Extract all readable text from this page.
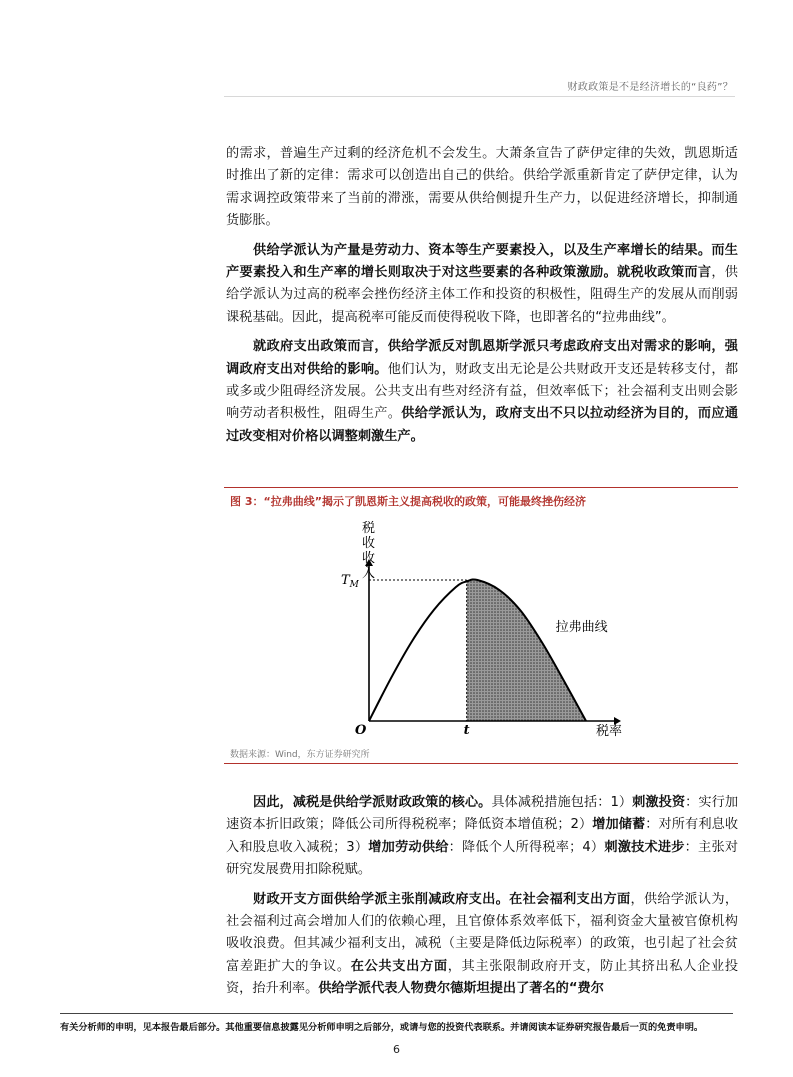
财政政策是不是经济增长的“良药”？

的需求，普遍生产过剩的经济危机不会发生。大萧条宣告了萨伊定律的失效，凯恩斯适时推出了新的定律：需求可以创造出自己的供给。供给学派重新肯定了萨伊定律，认为需求调控政策带来了当前的滞涨，需要从供给侧提升生产力，以促进经济增长，抑制通货膨胀。

供给学派认为产量是劳动力、资本等生产要素投入，以及生产率增长的结果。而生产要素投入和生产率的增长则取决于对这些要素的各种政策激励。就税收政策而言，供给学派认为过高的税率会挫伤经济主体工作和投资的积极性，阻碍生产的发展从而削弱课税基础。因此，提高税率可能反而使得税收下降，也即著名的“拉弗曲线”。

就政府支出政策而言，供给学派反对凯恩斯学派只考虑政府支出对需求的影响，强调政府支出对供给的影响。他们认为，财政支出无论是公共财政开支还是转移支付，都或多或少阻碍经济发展。公共支出有些对经济有益，但效率低下；社会福利支出则会影响劳动者积极性，阻碍生产。供给学派认为，政府支出不只以拉动经济为目的，而应通过改变相对价格以调整刺激生产。

图 3：“拉弗曲线”揭示了凯恩斯主义提高税收的政策，可能最终挫伤经济
税
收
收
入
税率
O	t
$T_M$
拉弗曲线
数据来源：Wind，东方证券研究所

因此，减税是供给学派财政政策的核心。具体减税措施包括：1）刺激投资：实行加速资本折旧政策；降低公司所得税税率；降低资本增值税；2）增加储蓄：对所有利息收入和股息收入减税；3）增加劳动供给：降低个人所得税率；4）刺激技术进步：主张对研究发展费用扣除税赋。

财政开支方面供给学派主张削减政府支出。在社会福利支出方面，供给学派认为，社会福利过高会增加人们的依赖心理，且官僚体系效率低下，福利资金大量被官僚机构吸收浪费。但其减少福利支出，减税（主要是降低边际税率）的政策，也引起了社会贫富差距扩大的争议。在公共支出方面，其主张限制政府开支，防止其挤出私人企业投资，抬升利率。供给学派代表人物费尔德斯坦提出了著名的“费尔

有关分析师的申明，见本报告最后部分。其他重要信息披露见分析师申明之后部分，或请与您的投资代表联系。并请阅读本证券研究报告最后一页的免责申明。
6
